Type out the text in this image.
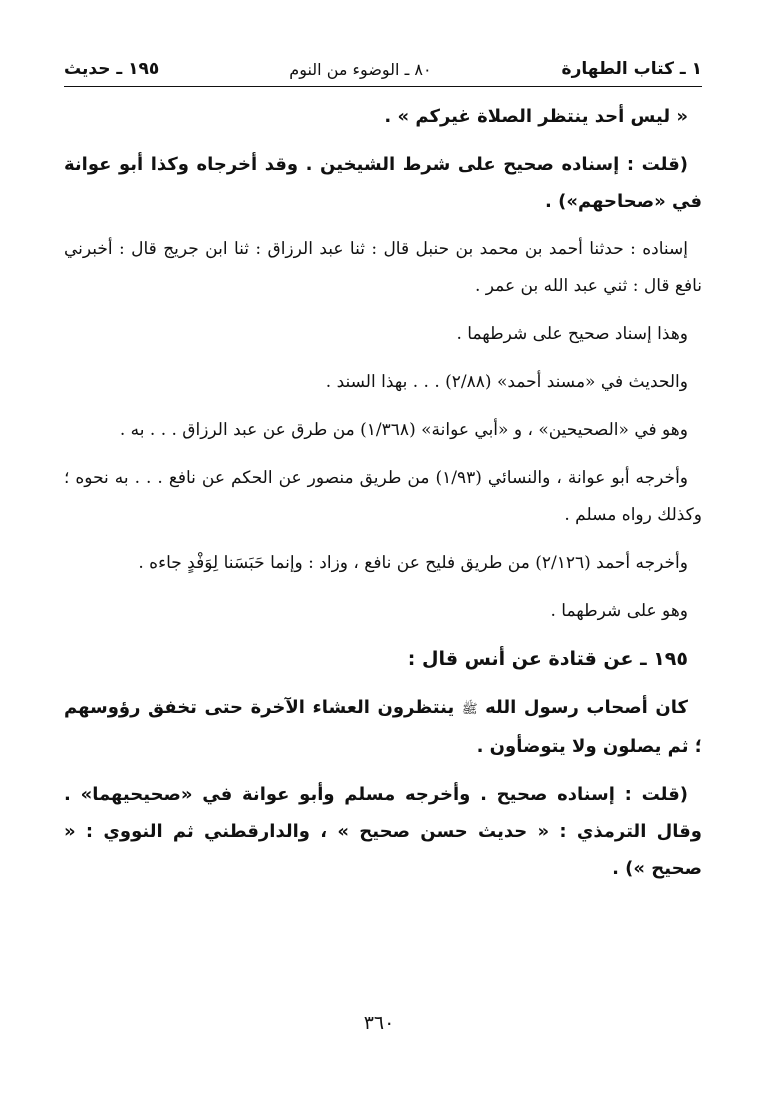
١ ـ كتاب الطهارة
٨٠ ـ الوضوء من النوم
١٩٥ ـ حديث

« ليس أحد ينتظر الصلاة غيركم » .

(قلت : إسناده صحيح على شرط الشيخين . وقد أخرجاه وكذا أبو عوانة في «صحاحهم») .

إسناده : حدثنا أحمد بن محمد بن حنبل قال : ثنا عبد الرزاق : ثنا ابن جريج قال : أخبرني نافع قال : ثني عبد الله بن عمر .

وهذا إسناد صحيح على شرطهما .

والحديث في «مسند أحمد» (٢/٨٨) . . . بهذا السند .

وهو في «الصحيحين» ، و «أبي عوانة» (١/٣٦٨) من طرق عن عبد الرزاق . . . به .

وأخرجه أبو عوانة ، والنسائي (١/٩٣) من طريق منصور عن الحكم عن نافع . . . به نحوه ؛ وكذلك رواه مسلم .

وأخرجه أحمد (٢/١٢٦) من طريق فليح عن نافع ، وزاد : وإنما حَبَسَنا لِوَفْدٍ جاءه .

وهو على شرطهما .

١٩٥ ـ عن قتادة عن أنس قال :

كان أصحاب رسول الله ﷺ ينتظرون العشاء الآخرة حتى تخفق رؤوسهم ؛ ثم يصلون ولا يتوضأون .

(قلت : إسناده صحيح . وأخرجه مسلم وأبو عوانة في «صحيحيهما» . وقال الترمذي : « حديث حسن صحيح » ، والدارقطني ثم النووي : « صحيح ») .

٣٦٠
